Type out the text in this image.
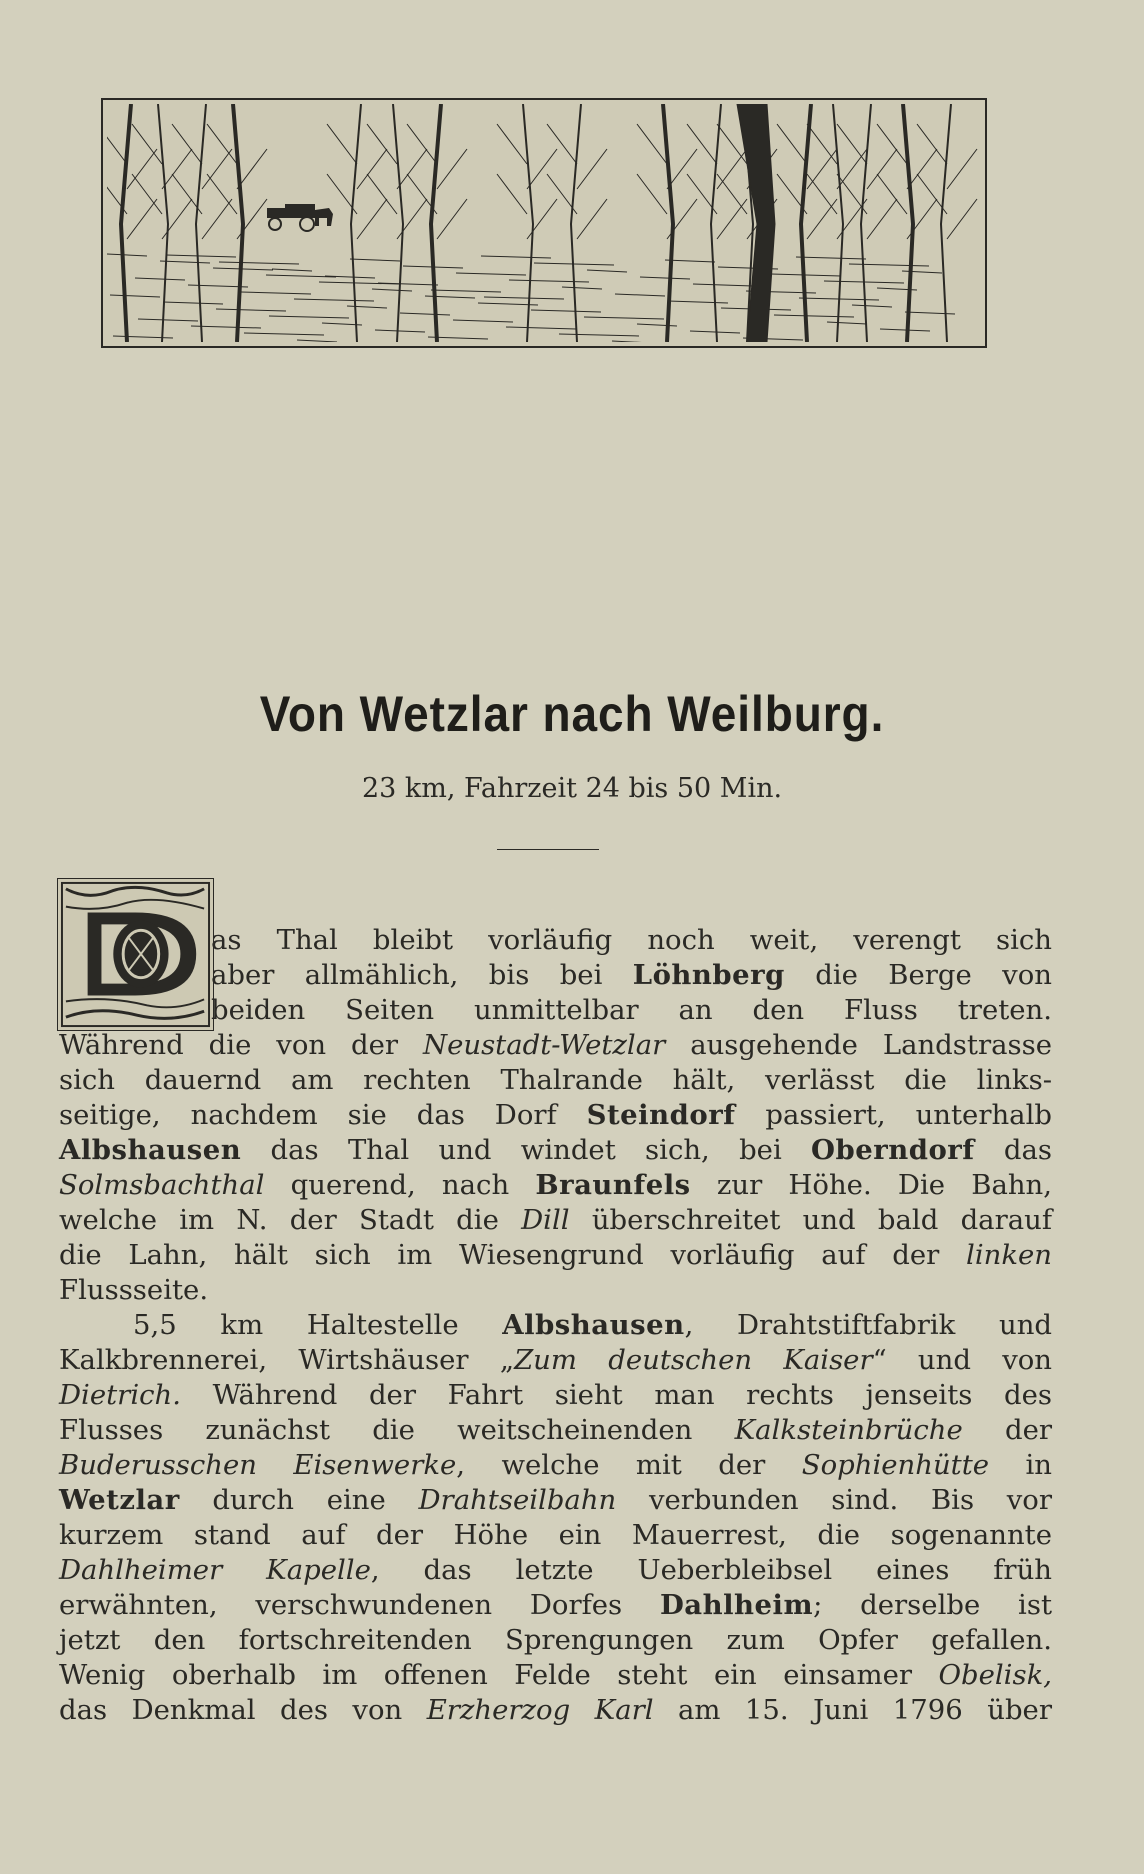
Von Wetzlar nach Weilburg.
23 km, Fahrzeit 24 bis 50 Min.
as Thal bleibt vorläufig noch weit, verengt sich
aber allmählich, bis bei Löhnberg die Berge von
beiden Seiten unmittelbar an den Fluss treten.
Während die von der Neustadt-Wetzlar ausgehende Landstrasse
sich dauernd am rechten Thalrande hält, verlässt die links-
seitige, nachdem sie das Dorf Steindorf passiert, unterhalb
Albshausen das Thal und windet sich, bei Oberndorf das
Solmsbachthal querend, nach Braunfels zur Höhe. Die Bahn,
welche im N. der Stadt die Dill überschreitet und bald darauf
die Lahn, hält sich im Wiesengrund vorläufig auf der linken
Flussseite.
5,5 km Haltestelle Albshausen, Drahtstiftfabrik und
Kalkbrennerei, Wirtshäuser „Zum deutschen Kaiser“ und von
Dietrich. Während der Fahrt sieht man rechts jenseits des
Flusses zunächst die weitscheinenden Kalksteinbrüche der
Buderusschen Eisenwerke, welche mit der Sophienhütte in
Wetzlar durch eine Drahtseilbahn verbunden sind. Bis vor
kurzem stand auf der Höhe ein Mauerrest, die sogenannte
Dahlheimer Kapelle, das letzte Ueberbleibsel eines früh
erwähnten, verschwundenen Dorfes Dahlheim; derselbe ist
jetzt den fortschreitenden Sprengungen zum Opfer gefallen.
Wenig oberhalb im offenen Felde steht ein einsamer Obelisk,
das Denkmal des von Erzherzog Karl am 15. Juni 1796 über
